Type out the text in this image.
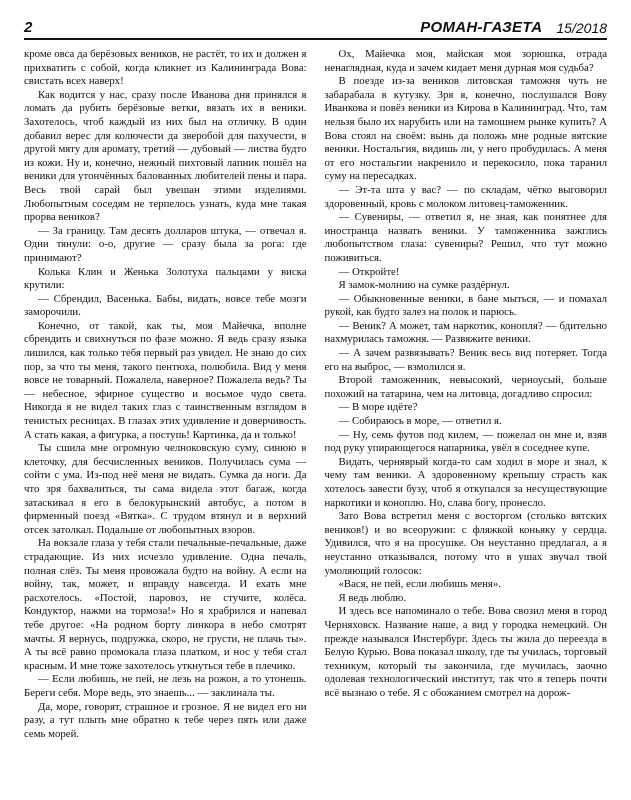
2	РОМАН-ГАЗЕТА 15/2018

кроме овса да берёзовых веников, не растёт, то их и должен я прихватить с собой, когда кликнет из Калининграда Вова: свистать всех наверх!

Как водится у нас, сразу после Иванова дня принялся я ломать да рубить берёзовые ветки, вязать их в веники. Захотелось, чтоб каждый из них был на отличку. В один добавил верес для колючести да зверобой для пахучести, в другой мяту для аромату, третий — дубовый — листва будто из кожи. Ну и, конечно, нежный пихтовый лапник пошёл на веники для утончённых балованных любителей пены и пара. Весь твой сарай был увешан этими изделиями. Любопытным соседям не терпелось узнать, куда мне такая прорва веников?

— За границу. Там десять долларов штука, — отвечал я. Одни тянули: о-о, другие — сразу была за рога: где принимают?

Колька Клин и Женька Золотуха пальцами у виска крутили:

— Сбрендил, Васенька. Бабы, видать, вовсе тебе мозги заморочили.

Конечно, от такой, как ты, моя Майечка, вполне сбрендить и свихнуться по фазе можно. Я ведь сразу языка лишился, как только тебя первый раз увидел. Не знаю до сих пор, за что ты меня, такого пентюха, полюбила. Вид у меня вовсе не товарный. Пожалела, наверное? Пожалела ведь? Ты — небесное, эфирное существо и восьмое чудо света. Никогда я не видел таких глаз с таинственным взглядом в тенистых ресницах. В глазах этих удивление и доверчивость. А стать какая, а фигурка, а поступь! Картинка, да и только!

Ты сшила мне огромную челноковскую суму, синюю в клеточку, для бесчисленных веников. Получилась сума — сойти с ума. Из-под неё меня не видать. Сумка да ноги. Да что зря бахвалиться, ты сама видела этот багаж, когда затаскивал я его в белокурынский автобус, а потом в фирменный поезд «Вятка». С трудом втянул и в верхний отсек затолкал. Подальше от любопытных взоров.

На вокзале глаза у тебя стали печальные-печальные, даже страдающие. Из них исчезло удивление. Одна печаль, полная слёз. Ты меня провожала будто на войну. А если на войну, так, может, и вправду навсегда. И ехать мне расхотелось. «Постой, паровоз, не стучите, колёса. Кондуктор, нажми на тормоза!» Но я храбрился и напевал тебе другое: «На родном борту линкора в небо смотрят мачты. Я вернусь, подружка, скоро, не грусти, не плачь ты». А ты всё равно промокала глаза платком, и нос у тебя стал красным. И мне тоже захотелось уткнуться тебе в плечико.

— Если любишь, не пей, не лезь на рожон, а то утонешь. Береги себя. Море ведь, это знаешь... — заклинала ты.

Да, море, говорят, страшное и грозное. Я не видел его ни разу, а тут плыть мне обратно к тебе через пять или даже семь морей.

Ох, Майечка моя, майская моя зорюшка, отрада ненаглядная, куда и зачем кидает меня дурная моя судьба?

В поезде из-за веников литовская таможня чуть не забарабала в кутузку. Зря я, конечно, послушался Вову Иванкова и повёз веники из Кирова в Калининград. Что, там нельзя было их нарубить или на тамошнем рынке купить? А Вова стоял на своём: вынь да положь мне родные вятские веники. Ностальгия, видишь ли, у него пробудилась. А меня от его ностальгии накренило и перекосило, пока таранил суму на пересадках.

— Эт-та шта у вас? — по складам, чётко выговорил здоровенный, кровь с молоком литовец-таможенник.

— Сувениры, — ответил я, не зная, как понятнее для иностранца назвать веники. У таможенника зажглись любопытством глаза: сувениры? Решил, что тут можно поживиться.

— Откройте!

Я замок-молнию на сумке раздёрнул.

— Обыкновенные веники, в бане мыться, — и помахал рукой, как будто залез на полок и парюсь.

— Веник? А может, там наркотик, конопля? — бдительно нахмурилась таможня. — Развяжите веники.

— А зачем развязывать? Веник весь вид потеряет. Тогда его на выброс, — взмолился я.

Второй таможенник, невысокий, черноусый, больше похожий на татарина, чем на литовца, догадливо спросил:

— В море идёте?

— Собираюсь в море, — ответил я.

— Ну, семь футов под килем, — пожелал он мне и, взяв под руку упирающегося напарника, увёл в соседнее купе.

Видать, черняврый когда-то сам ходил в море и знал, к чему там веники. А здоровенному крепышу страсть как хотелось завести бузу, чтоб я откупался за несуществующие наркотики и коноплю. Но, слава богу, пронесло.

Зато Вова встретил меня с восторгом (столько вятских веников!) и во всеоружии: с фляжкой коньяку у сердца. Удивился, что я на просушке. Он неустанно предлагал, а я неустанно отказывался, потому что в ушах звучал твой умоляющий голосок:

«Вася, не пей, если любишь меня».

Я ведь люблю.

И здесь все напоминало о тебе. Вова свозил меня в город Черняховск. Название наше, а вид у городка немецкий. Он прежде назывался Инстербург. Здесь ты жила до переезда в Белую Курью. Вова показал школу, где ты училась, торговый техникум, который ты закончила, где мучилась, заочно одолевая технологический институт, так что я теперь почти всё вызнаю о тебе. Я с обожанием смотрел на дорож-
